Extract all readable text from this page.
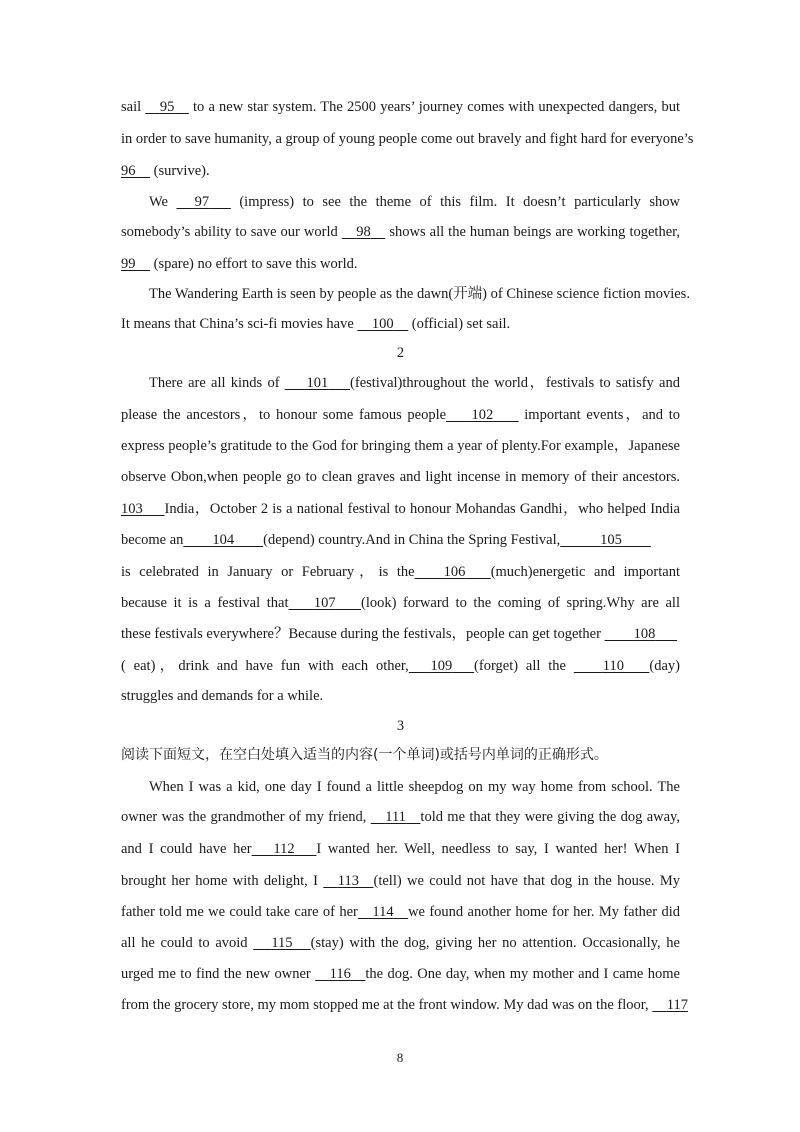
sail     95     to a new star system. The 2500 years’ journey comes with unexpected dangers, but
in order to save humanity, a group of young people come out bravely and fight hard for everyone’s
96     (survive).
We      97       (impress) to see the theme of this film. It doesn’t particularly show
somebody’s ability to save our world     98     shows all the human beings are working together,
99     (spare) no effort to save this world.
The Wandering Earth is seen by people as the dawn(开端) of Chinese science fiction movies.
It means that China’s sci-fi movies have     100     (official) set sail.
2
There are all kinds of       101 (festival)throughout the world，festivals to satisfy and
please the ancestors，to honour some famous people 102        important events，and to
express people’s gratitude to the God for bringing them a year of plenty.For example，Japanese
observe Obon,when people go to clean graves and light incense in memory of their ancestors.
103 India，October 2 is a national festival to honour Mohandas Gandhi，who helped India
become an 104 (depend) country.And in China the Spring Festival,	105
is celebrated in January or February，is the 106 (much)energetic and important
because it is a festival that 107 (look) forward to the coming of spring.Why are all
these festivals everywhere？Because during the festivals，people can get together         108
( eat)，drink and have fun with each other, 109 (forget) all the         110 (day)
struggles and demands for a while.
3
阅读下面短文，在空白处填入适当的内容(一个单词)或括号内单词的正确形式。
When I was a kid, one day I found a little sheepdog on my way home from school. The
owner was the grandmother of my friend,     111 told me that they were giving the dog away,
and I could have her 112 I wanted her. Well, needless to say, I wanted her! When I
brought her home with delight, I     113 (tell) we could not have that dog in the house. My
father told me we could take care of her 114 we found another home for her. My father did
all he could to avoid      115 (stay) with the dog, giving her no attention. Occasionally, he
urged me to find the new owner     116 the dog. One day, when my mother and I came home
from the grocery store, my mom stopped me at the front window. My dad was on the floor,     117
8
